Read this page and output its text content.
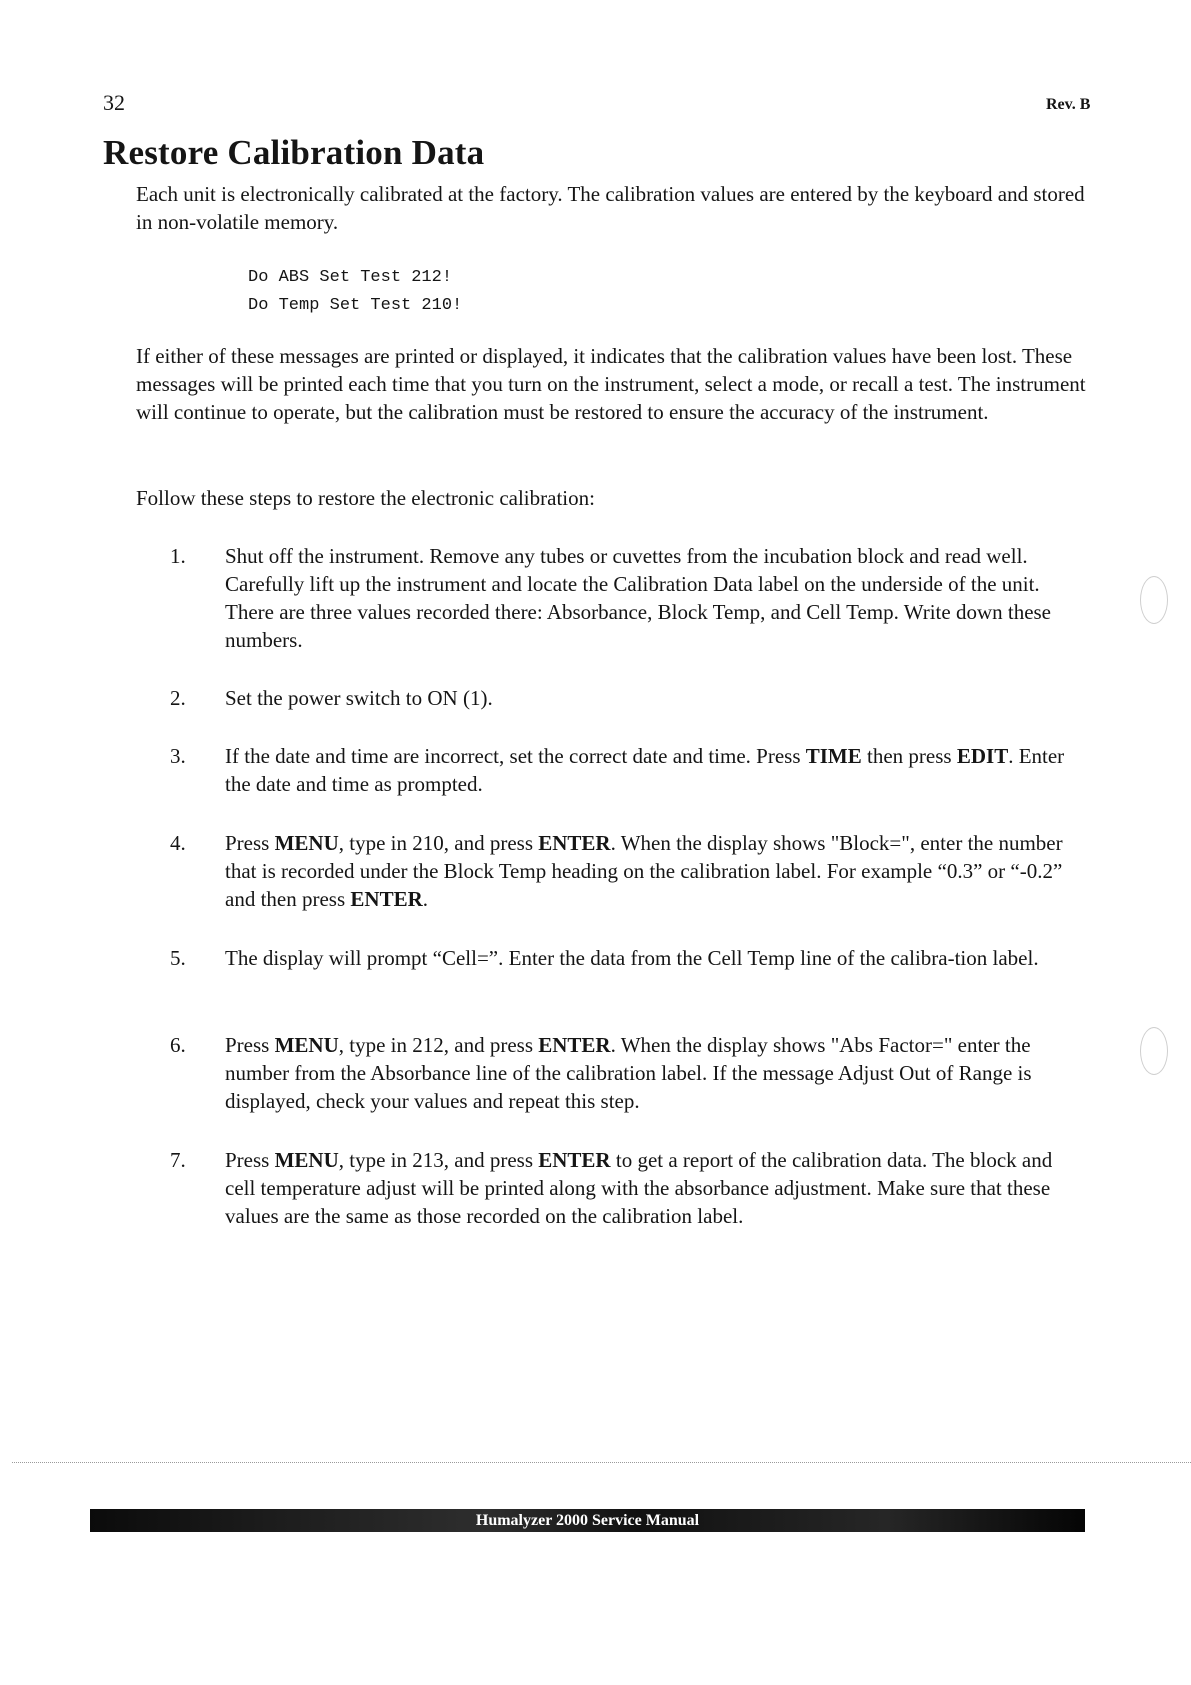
32	Rev. B
Restore Calibration Data

Each unit is electronically calibrated at the factory. The calibration values are entered by the keyboard and stored in non-volatile memory.

Do ABS Set Test 212!
Do Temp Set Test 210!

If either of these messages are printed or displayed, it indicates that the calibration values have been lost. These messages will be printed each time that you turn on the instrument, select a mode, or recall a test. The instrument will continue to operate, but the calibration must be restored to ensure the accuracy of the instrument.

Follow these steps to restore the electronic calibration:

1. Shut off the instrument. Remove any tubes or cuvettes from the incubation block and read well. Carefully lift up the instrument and locate the Calibration Data label on the underside of the unit. There are three values recorded there: Absorbance, Block Temp, and Cell Temp. Write down these numbers.

2. Set the power switch to ON (1).

3. If the date and time are incorrect, set the correct date and time. Press TIME then press EDIT. Enter the date and time as prompted.

4. Press MENU, type in 210, and press ENTER. When the display shows "Block=", enter the number that is recorded under the Block Temp heading on the calibration label. For example “0.3” or “-0.2” and then press ENTER.

5. The display will prompt “Cell=”. Enter the data from the Cell Temp line of the calibra-tion label.

6. Press MENU, type in 212, and press ENTER. When the display shows "Abs Factor=" enter the number from the Absorbance line of the calibration label. If the message Adjust Out of Range is displayed, check your values and repeat this step.

7. Press MENU, type in 213, and press ENTER to get a report of the calibration data. The block and cell temperature adjust will be printed along with the absorbance adjustment. Make sure that these values are the same as those recorded on the calibration label.

Humalyzer 2000 Service Manual
